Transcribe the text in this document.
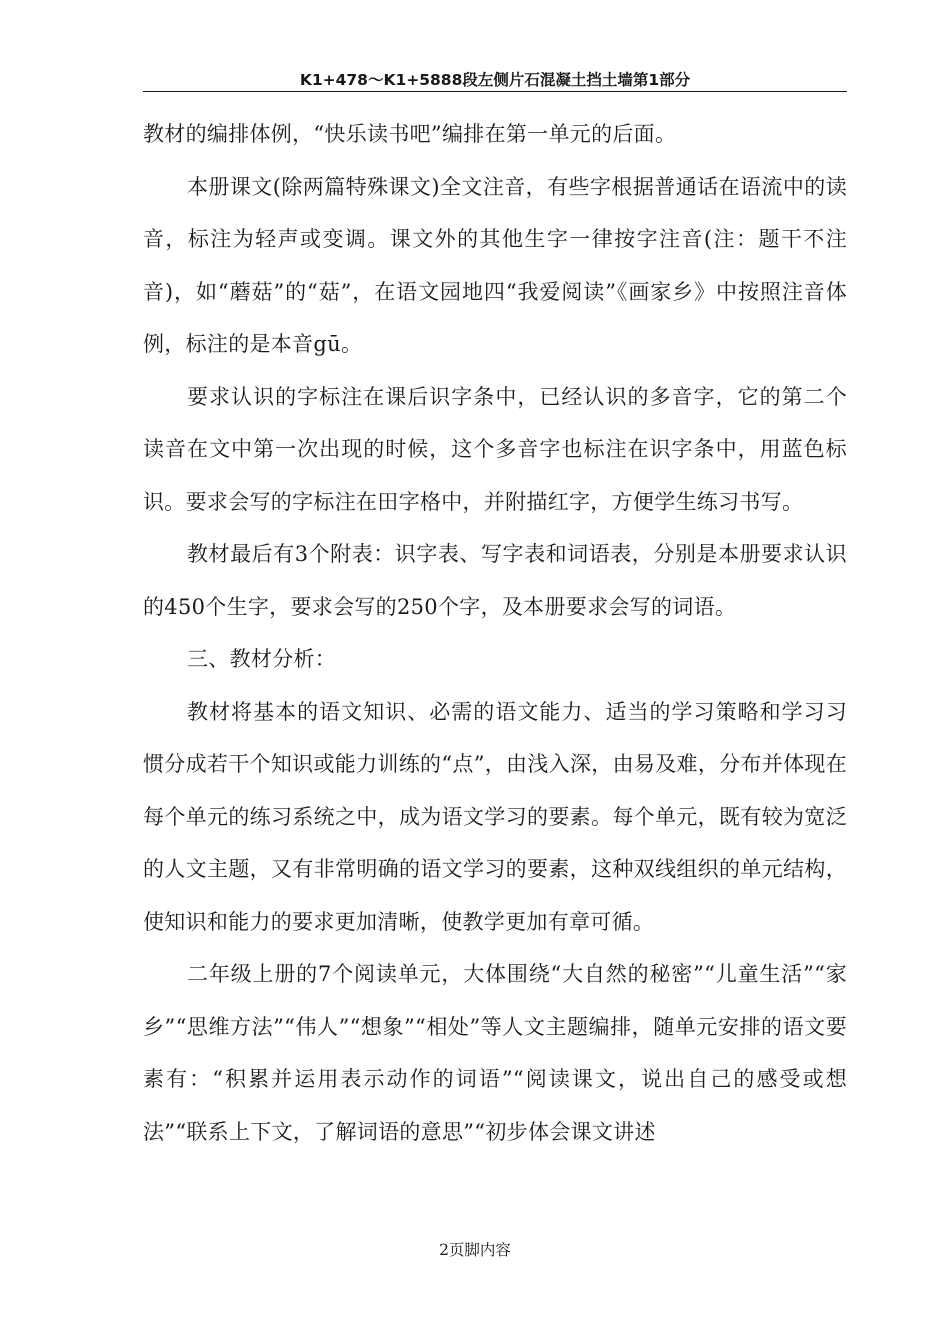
K1+478～K1+5888段左侧片石混凝土挡土墙第1部分

教材的编排体例，“快乐读书吧”编排在第一单元的后面。

本册课文(除两篇特殊课文)全文注音，有些字根据普通话在语流中的读音，标注为轻声或变调。课文外的其他生字一律按字注音(注：题干不注音)，如“蘑菇”的“菇”，在语文园地四“我爱阅读”《画家乡》中按照注音体例，标注的是本音gū。

要求认识的字标注在课后识字条中，已经认识的多音字，它的第二个读音在文中第一次出现的时候，这个多音字也标注在识字条中，用蓝色标识。要求会写的字标注在田字格中，并附描红字，方便学生练习书写。

教材最后有3个附表：识字表、写字表和词语表，分别是本册要求认识的450个生字，要求会写的250个字，及本册要求会写的词语。

三、教材分析：

教材将基本的语文知识、必需的语文能力、适当的学习策略和学习习惯分成若干个知识或能力训练的“点”，由浅入深，由易及难，分布并体现在每个单元的练习系统之中，成为语文学习的要素。每个单元，既有较为宽泛的人文主题，又有非常明确的语文学习的要素，这种双线组织的单元结构，使知识和能力的要求更加清晰，使教学更加有章可循。

二年级上册的7个阅读单元，大体围绕“大自然的秘密”“儿童生活”“家乡”“思维方法”“伟人”“想象”“相处”等人文主题编排，随单元安排的语文要素有：“积累并运用表示动作的词语”“阅读课文，说出自己的感受或想法”“联系上下文，了解词语的意思”“初步体会课文讲述

2页脚内容
